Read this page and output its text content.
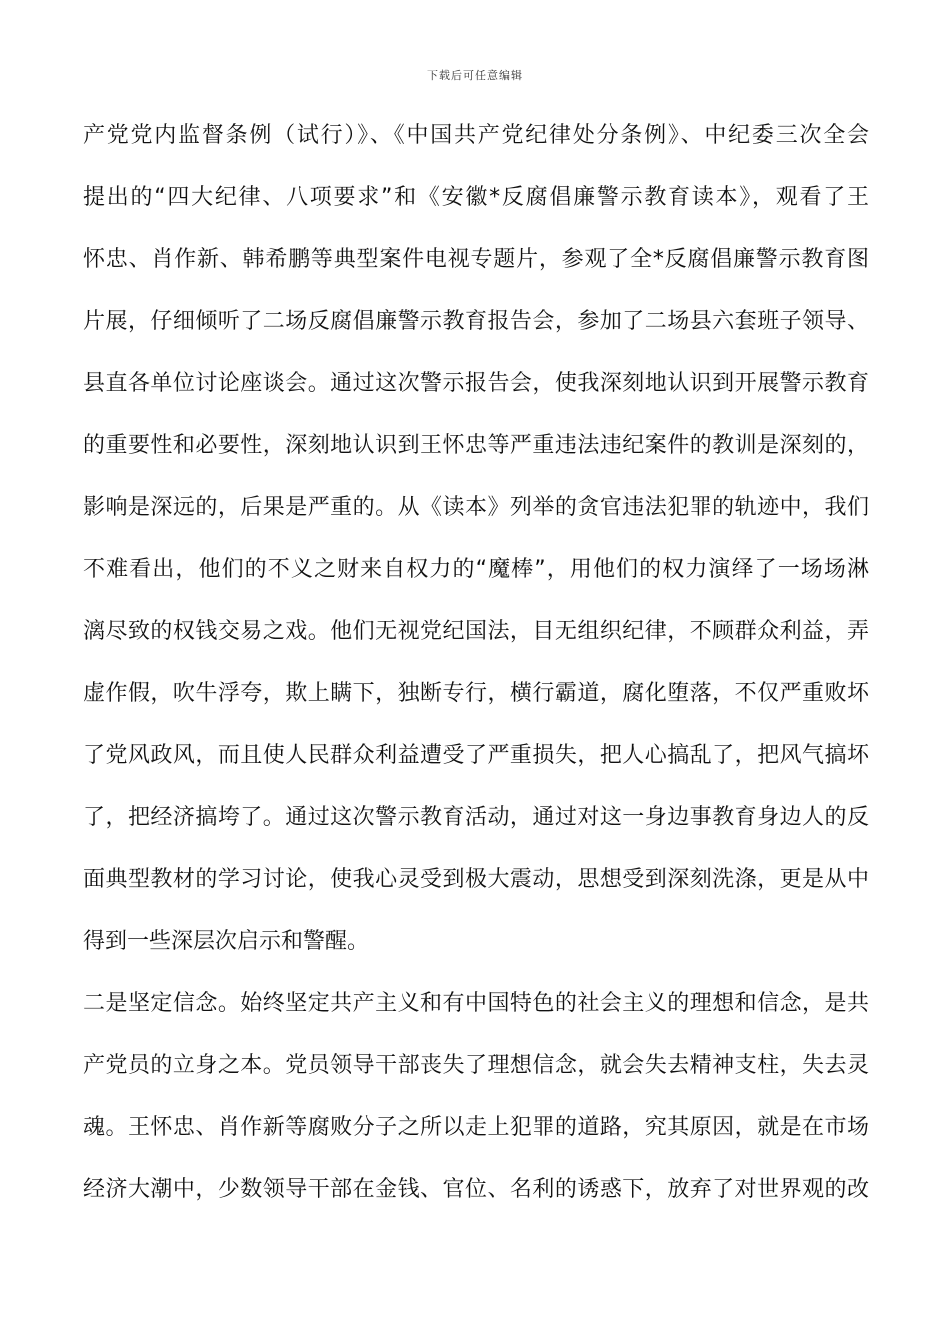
下载后可任意编辑
产党党内监督条例（试行）》、《中国共产党纪律处分条例》、中纪委三次全会
提出的“四大纪律、八项要求”和《安徽*反腐倡廉警示教育读本》，观看了王
怀忠、肖作新、韩希鹏等典型案件电视专题片，参观了全*反腐倡廉警示教育图
片展，仔细倾听了二场反腐倡廉警示教育报告会，参加了二场县六套班子领导、
县直各单位讨论座谈会。通过这次警示报告会，使我深刻地认识到开展警示教育
的重要性和必要性，深刻地认识到王怀忠等严重违法违纪案件的教训是深刻的，
影响是深远的，后果是严重的。从《读本》列举的贪官违法犯罪的轨迹中，我们
不难看出，他们的不义之财来自权力的“魔棒”，用他们的权力演绎了一场场淋
漓尽致的权钱交易之戏。他们无视党纪国法，目无组织纪律，不顾群众利益，弄
虚作假，吹牛浮夸，欺上瞒下，独断专行，横行霸道，腐化堕落，不仅严重败坏
了党风政风，而且使人民群众利益遭受了严重损失，把人心搞乱了，把风气搞坏
了，把经济搞垮了。通过这次警示教育活动，通过对这一身边事教育身边人的反
面典型教材的学习讨论，使我心灵受到极大震动，思想受到深刻洗涤，更是从中
得到一些深层次启示和警醒。
二是坚定信念。始终坚定共产主义和有中国特色的社会主义的理想和信念，是共
产党员的立身之本。党员领导干部丧失了理想信念，就会失去精神支柱，失去灵
魂。王怀忠、肖作新等腐败分子之所以走上犯罪的道路，究其原因，就是在市场
经济大潮中，少数领导干部在金钱、官位、名利的诱惑下，放弃了对世界观的改
